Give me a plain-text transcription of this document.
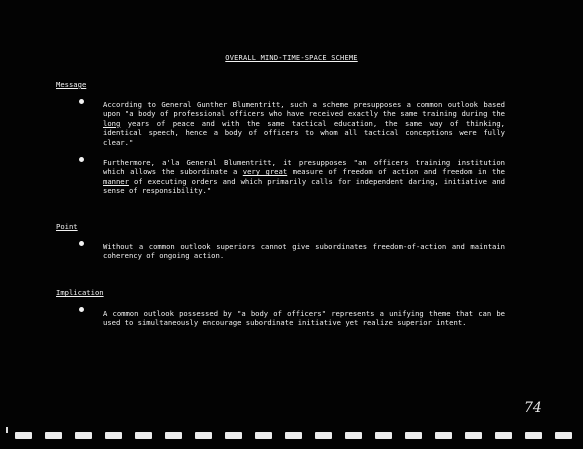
OVERALL MIND-TIME-SPACE SCHEME
Message
According to General Gunther Blumentritt, such a scheme presupposes a common outlook based upon "a body of professional officers who have received exactly the same training during the long years of peace and with the same tactical education, the same way of thinking, identical speech, hence a body of officers to whom all tactical conceptions were fully clear."
Furthermore, a'la General Blumentritt, it presupposes "an officers training institution which allows the subordinate a very great measure of freedom of action and freedom in the manner of executing orders and which primarily calls for independent daring, initiative and sense of responsibility."
Point
Without a common outlook superiors cannot give subordinates freedom-of-action and maintain coherency of ongoing action.
Implication
A common outlook possessed by "a body of officers" represents a unifying theme that can be used to simultaneously encourage subordinate initiative yet realize superior intent.
74
